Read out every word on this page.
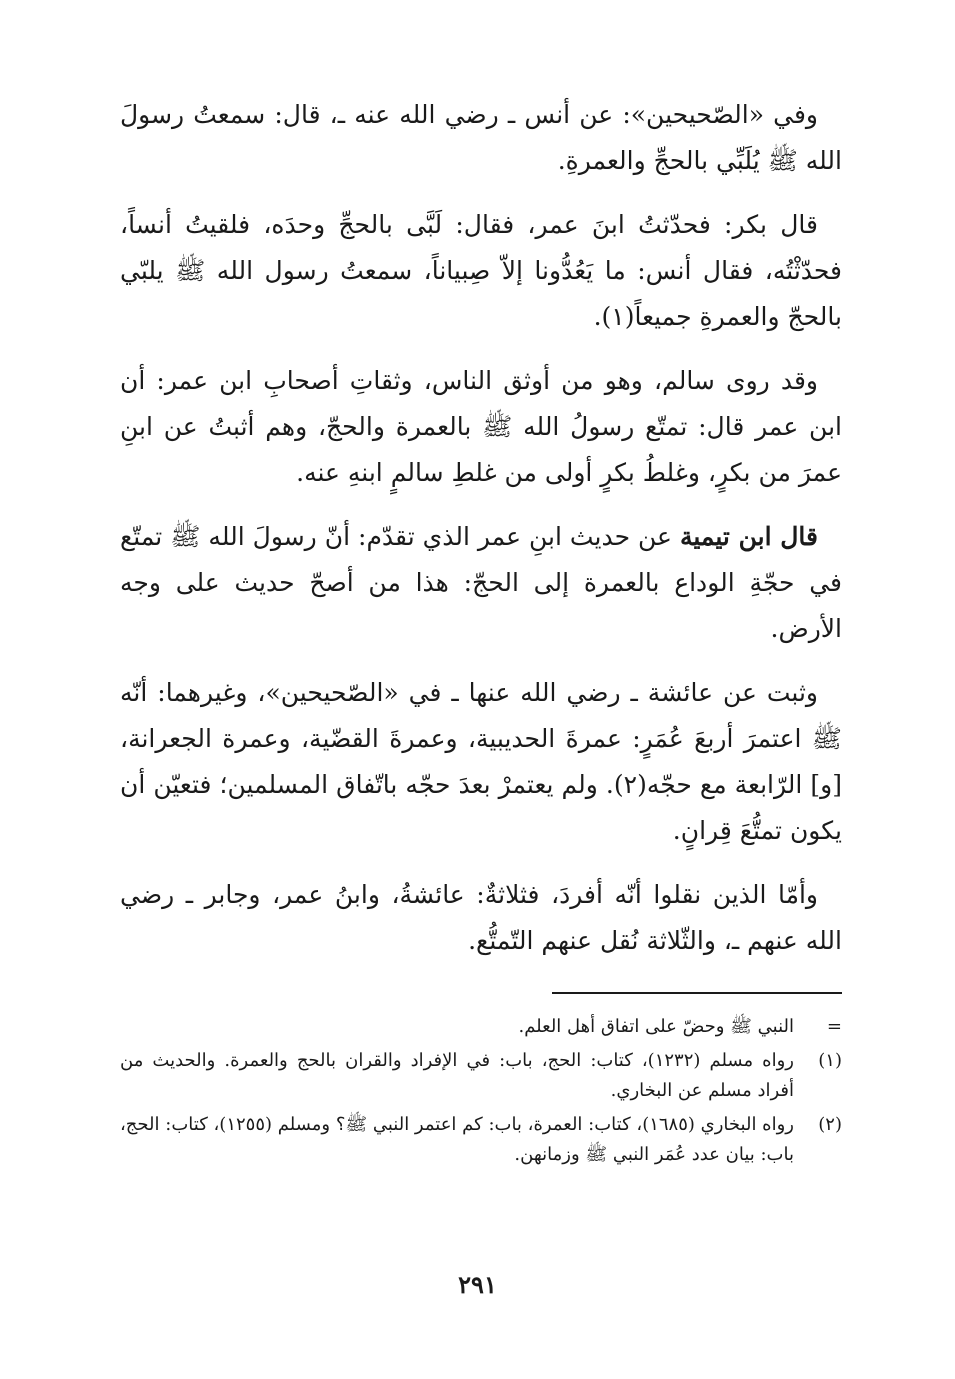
وفي «الصّحيحين»: عن أنس ـ رضي الله عنه ـ، قال: سمعتُ رسولَ الله ﷺ يُلَبِّي بالحجِّ والعمرةِ.

قال بكر: فحدّثتُ ابنَ عمر، فقال: لَبَّى بالحجِّ وحدَه، فلقيتُ أنساً، فحدّثْتُه، فقال أنس: ما يَعُدُّونا إلاّ صِبياناً، سمعتُ رسول الله ﷺ يلبّي بالحجّ والعمرةِ جميعاً(١).

وقد روى سالم، وهو من أوثق الناس، وثقاتِ أصحابِ ابن عمر: أن ابن عمر قال: تمتّع رسولُ الله ﷺ بالعمرة والحجّ، وهم أثبتُ عن ابنِ عمرَ من بكرٍ، وغلطُ بكرٍ أولى من غلطِ سالمٍ ابنهِ عنه.

قال ابن تيمية عن حديث ابنِ عمر الذي تقدّم: أنّ رسولَ الله ﷺ تمتّع في حجّةِ الوداع بالعمرة إلى الحجّ: هذا من أصحّ حديث على وجه الأرض.

وثبت عن عائشة ـ رضي الله عنها ـ في «الصّحيحين»، وغيرهما: أنّه ﷺ اعتمرَ أربعَ عُمَرٍ: عمرةَ الحديبية، وعمرةَ القضّية، وعمرة الجعرانة، [و] الرّابعة مع حجّه(٢). ولم يعتمرْ بعدَ حجّه باتّفاق المسلمين؛ فتعيّن أن يكون تمتُّعَ قِرانٍ.

وأمّا الذين نقلوا أنّه أفردَ، فثلاثةٌ: عائشةُ، وابنُ عمر، وجابر ـ رضي الله عنهم ـ، والثّلاثة نُقل عنهم التّمتُّع.

=
النبي ﷺ وحضّ على اتفاق أهل العلم.
(١)
رواه مسلم (١٢٣٢)، كتاب: الحج، باب: في الإفراد والقران بالحج والعمرة. والحديث من أفراد مسلم عن البخاري.
(٢)
رواه البخاري (١٦٨٥)، كتاب: العمرة، باب: كم اعتمر النبي ﷺ؟ ومسلم (١٢٥٥)، كتاب: الحج، باب: بيان عدد عُمَر النبي ﷺ وزمانهن.
٢٩١
